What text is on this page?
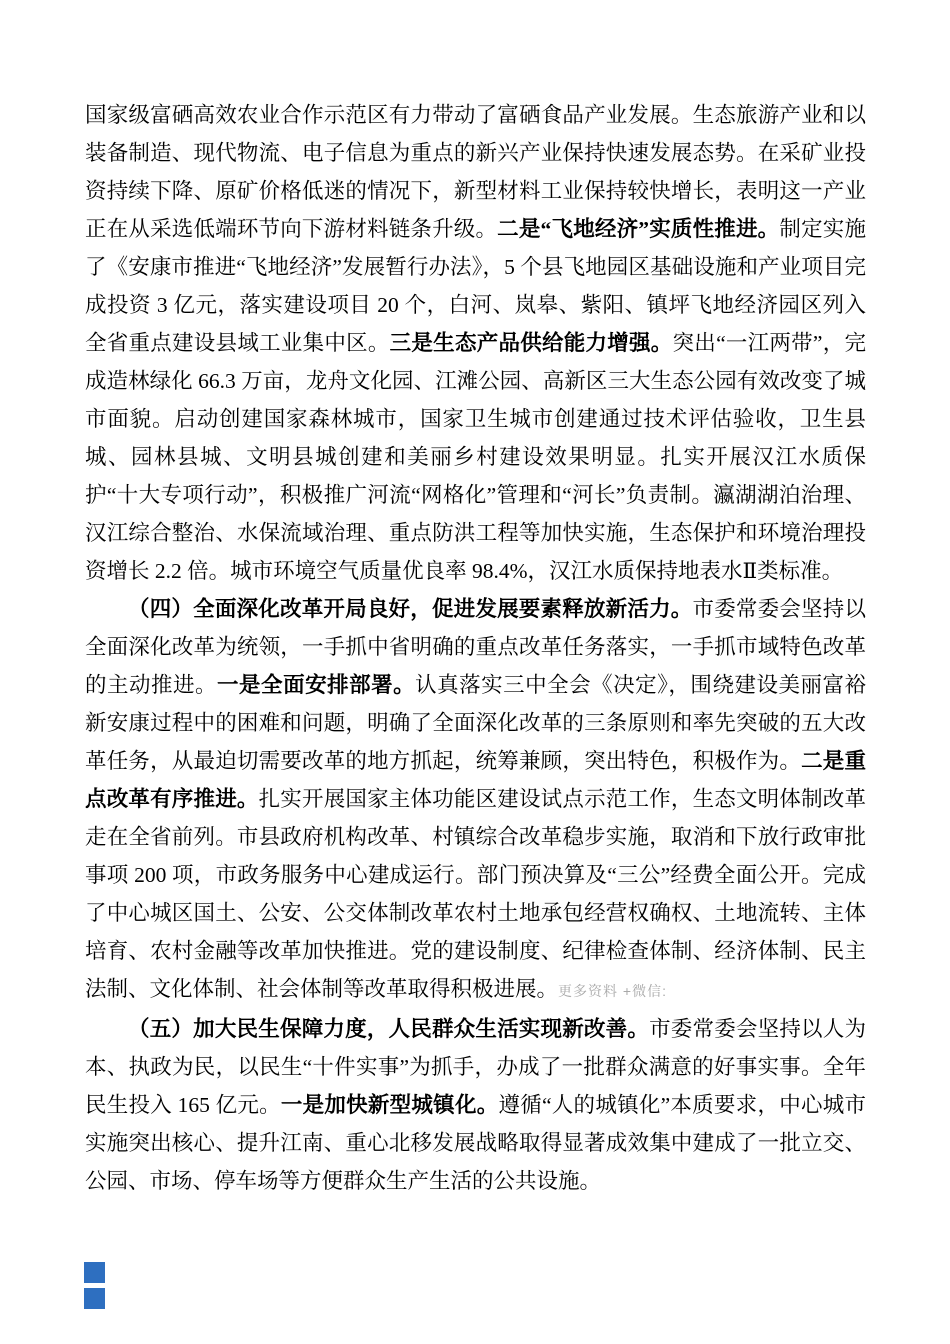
国家级富硒高效农业合作示范区有力带动了富硒食品产业发展。生态旅游产业和以装备制造、现代物流、电子信息为重点的新兴产业保持快速发展态势。在采矿业投资持续下降、原矿价格低迷的情况下，新型材料工业保持较快增长，表明这一产业正在从采选低端环节向下游材料链条升级。二是“飞地经济”实质性推进。制定实施了《安康市推进“飞地经济”发展暂行办法》，5 个县飞地园区基础设施和产业项目完成投资 3 亿元，落实建设项目 20 个，白河、岚皋、紫阳、镇坪飞地经济园区列入全省重点建设县域工业集中区。三是生态产品供给能力增强。突出“一江两带”，完成造林绿化 66.3 万亩，龙舟文化园、江滩公园、高新区三大生态公园有效改变了城市面貌。启动创建国家森林城市，国家卫生城市创建通过技术评估验收，卫生县城、园林县城、文明县城创建和美丽乡村建设效果明显。扎实开展汉江水质保护“十大专项行动”，积极推广河流“网格化”管理和“河长”负责制。瀛湖湖泊治理、汉江综合整治、水保流域治理、重点防洪工程等加快实施，生态保护和环境治理投资增长 2.2 倍。城市环境空气质量优良率 98.4%，汉江水质保持地表水Ⅱ类标准。

（四）全面深化改革开局良好，促进发展要素释放新活力。市委常委会坚持以全面深化改革为统领，一手抓中省明确的重点改革任务落实，一手抓市域特色改革的主动推进。一是全面安排部署。认真落实三中全会《决定》，围绕建设美丽富裕新安康过程中的困难和问题，明确了全面深化改革的三条原则和率先突破的五大改革任务，从最迫切需要改革的地方抓起，统筹兼顾，突出特色，积极作为。二是重点改革有序推进。扎实开展国家主体功能区建设试点示范工作，生态文明体制改革走在全省前列。市县政府机构改革、村镇综合改革稳步实施，取消和下放行政审批事项 200 项，市政务服务中心建成运行。部门预决算及“三公”经费全面公开。完成了中心城区国土、公安、公交体制改革农村土地承包经营权确权、土地流转、主体培育、农村金融等改革加快推进。党的建设制度、纪律检查体制、经济体制、民主法制、文化体制、社会体制等改革取得积极进展。更多资料 +微信:

（五）加大民生保障力度，人民群众生活实现新改善。市委常委会坚持以人为本、执政为民，以民生“十件实事”为抓手，办成了一批群众满意的好事实事。全年民生投入 165 亿元。一是加快新型城镇化。遵循“人的城镇化”本质要求，中心城市实施突出核心、提升江南、重心北移发展战略取得显著成效集中建成了一批立交、公园、市场、停车场等方便群众生产生活的公共设施。
